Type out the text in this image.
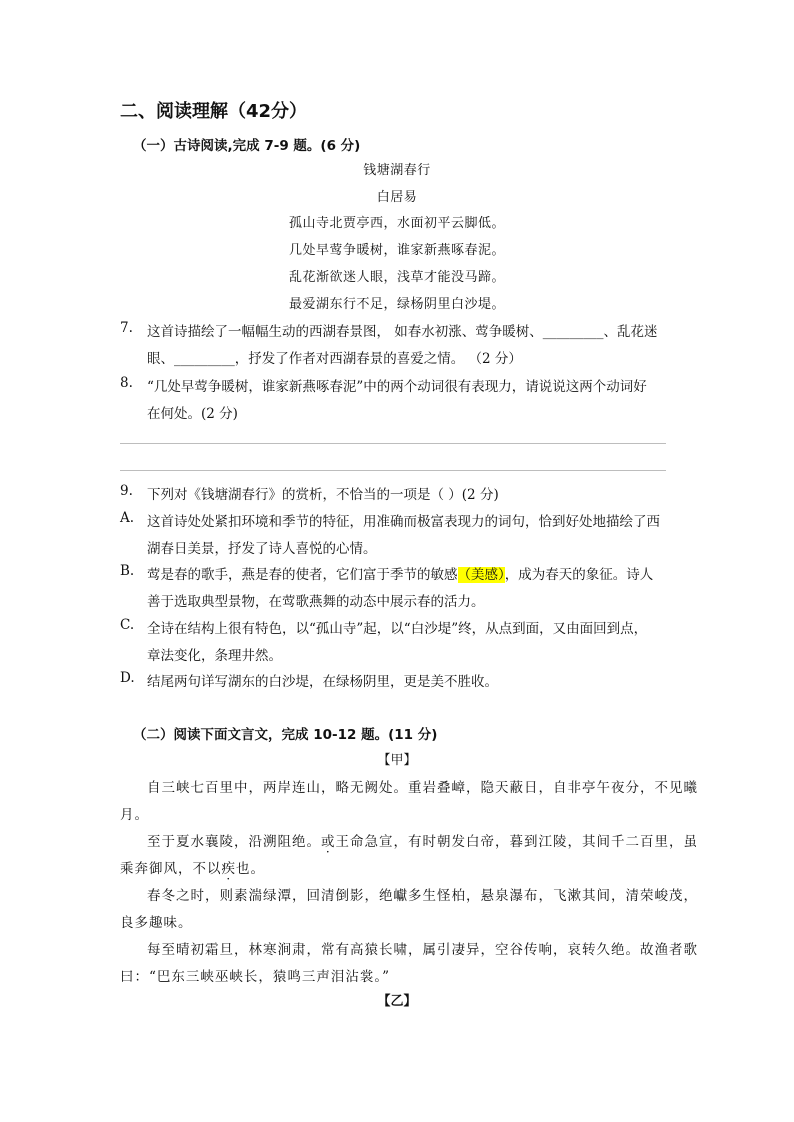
二、阅读理解（42分）
（一）古诗阅读,完成 7-9 题。(6 分)
钱塘湖春行
白居易
孤山寺北贾亭西，水面初平云脚低。
几处早莺争暖树，谁家新燕啄春泥。
乱花渐欲迷人眼，浅草才能没马蹄。
最爱湖东行不足，绿杨阴里白沙堤。
7. 这首诗描绘了一幅幅生动的西湖春景图， 如春水初涨、莺争暖树、_________、乱花迷
眼、_________，抒发了作者对西湖春景的喜爱之情。 （2 分）
8. “几处早莺争暖树，谁家新燕啄春泥”中的两个动词很有表现力，请说说这两个动词好
在何处。(2 分)
9. 下列对《钱塘湖春行》的赏析，不恰当的一项是（ ）(2 分)
A. 这首诗处处紧扣环境和季节的特征，用准确而极富表现力的词句，恰到好处地描绘了西
湖春日美景，抒发了诗人喜悦的心情。
B. 莺是春的歌手，燕是春的使者，它们富于季节的敏感（美感），成为春天的象征。诗人
善于选取典型景物，在莺歌燕舞的动态中展示春的活力。
C. 全诗在结构上很有特色，以“孤山寺”起，以“白沙堤”终，从点到面，又由面回到点，
章法变化，条理井然。
D. 结尾两句详写湖东的白沙堤，在绿杨阴里，更是美不胜收。
（二）阅读下面文言文，完成 10-12 题。(11 分)
【甲】
自三峡七百里中，两岸连山，略无阙处。重岩叠嶂，隐天蔽日，自非亭午夜分，不见曦
月。
至于夏水襄陵，沿溯阻绝。或王命急宣，有时朝发白帝，暮到江陵，其间千二百里，虽
乘奔御风，不以疾也。
春冬之时，则素湍绿潭，回清倒影，绝巘多生怪柏，悬泉瀑布，飞漱其间，清荣峻茂，
良多趣味。
每至晴初霜旦，林寒涧肃，常有高猿长啸，属引凄异，空谷传响，哀转久绝。故渔者歌
曰：“巴东三峡巫峡长，猿鸣三声泪沾裳。”
【乙】
